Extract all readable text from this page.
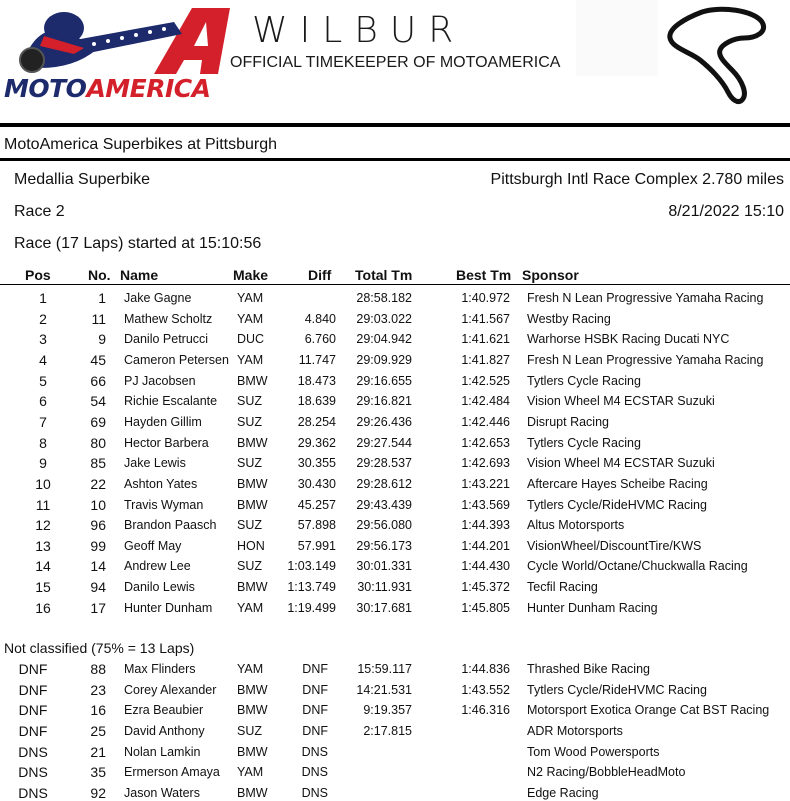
MOTOAMERICA
WILBUR
OFFICIAL TIMEKEEPER OF MOTOAMERICA
MotoAmerica Superbikes at Pittsburgh
Medallia Superbike	Pittsburgh Intl Race Complex 2.780 miles
Race 2	8/21/2022 15:10
Race (17 Laps) started at 15:10:56
Pos	No. Name	Make	Diff Total Tm	Best Tm Sponsor
1	1 Jake Gagne	YAM	28:58.182	1:40.972 Fresh N Lean Progressive Yamaha Racing
2	11 Mathew Scholtz YAM	4.840	29:03.022	1:41.567 Westby Racing
3	9 Danilo Petrucci DUC	6.760	29:04.942	1:41.621 Warhorse HSBK Racing Ducati NYC
4	45 Cameron Petersen YAM	11.747	29:09.929	1:41.827 Fresh N Lean Progressive Yamaha Racing
5	66 PJ Jacobsen	BMW	18.473	29:16.655	1:42.525 Tytlers Cycle Racing
6	54 Richie Escalante SUZ	18.639	29:16.821	1:42.484 Vision Wheel M4 ECSTAR Suzuki
7	69 Hayden Gillim	SUZ	28.254	29:26.436	1:42.446 Disrupt Racing
8	80 Hector Barbera BMW	29.362	29:27.544	1:42.653 Tytlers Cycle Racing
9	85 Jake Lewis	SUZ	30.355	29:28.537	1:42.693 Vision Wheel M4 ECSTAR Suzuki
10	22 Ashton Yates	BMW	30.430	29:28.612	1:43.221 Aftercare Hayes Scheibe Racing
11	10 Travis Wyman	BMW	45.257	29:43.439	1:43.569 Tytlers Cycle/RideHVMC Racing
12	96 Brandon Paasch SUZ	57.898	29:56.080	1:44.393 Altus Motorsports
13	99 Geoff May	HON	57.991	29:56.173	1:44.201 VisionWheel/DiscountTire/KWS
14	14 Andrew Lee	SUZ	1:03.149	30:01.331	1:44.430 Cycle World/Octane/Chuckwalla Racing
15	94 Danilo Lewis	BMW	1:13.749	30:11.931	1:45.372 Tecfil Racing
16	17 Hunter Dunham YAM	1:19.499	30:17.681	1:45.805 Hunter Dunham Racing
Not classified (75% = 13 Laps)
DNF	88 Max Flinders	YAM	DNF	15:59.117	1:44.836 Thrashed Bike Racing
DNF	23 Corey Alexander BMW	DNF	14:21.531	1:43.552 Tytlers Cycle/RideHVMC Racing
DNF	16 Ezra Beaubier	BMW	DNF	9:19.357	1:46.316 Motorsport Exotica Orange Cat BST Racing
DNF	25 David Anthony	SUZ	DNF	2:17.815	ADR Motorsports
DNS	21 Nolan Lamkin	BMW	DNS	Tom Wood Powersports
DNS	35 Ermerson Amaya YAM	DNS	N2 Racing/BobbleHeadMoto
DNS	92 Jason Waters	BMW	DNS	Edge Racing
